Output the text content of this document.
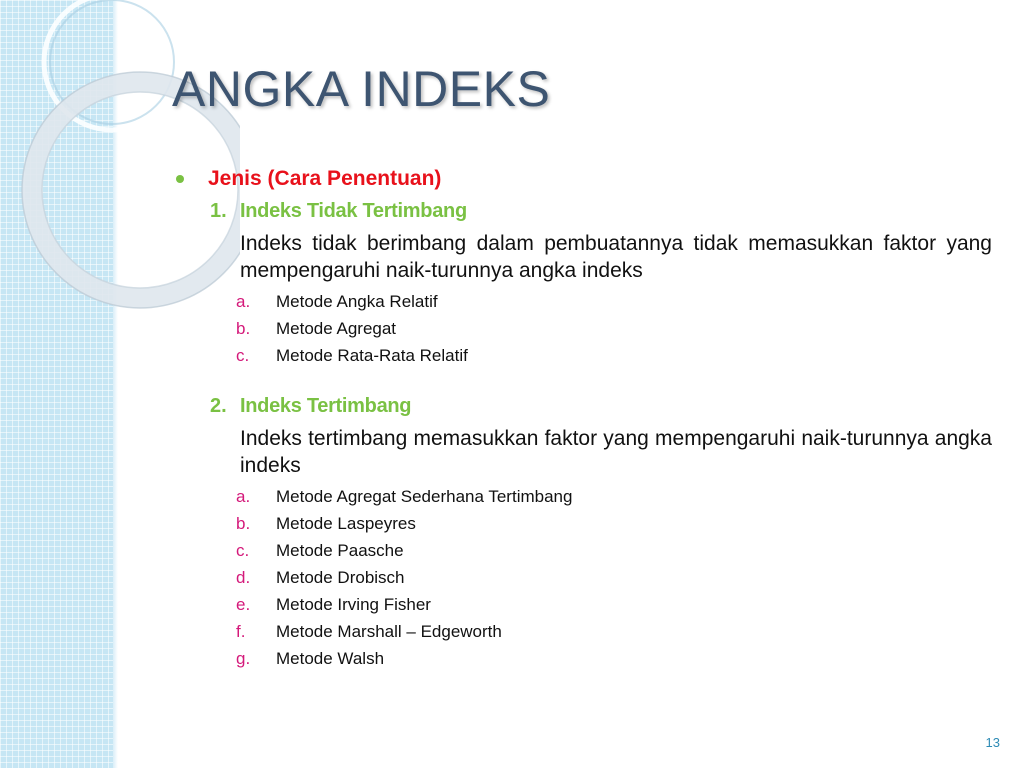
ANGKA INDEKS
Jenis (Cara Penentuan)
1. Indeks Tidak Tertimbang
Indeks tidak berimbang dalam pembuatannya tidak memasukkan faktor yang mempengaruhi naik-turunnya angka indeks
a.	Metode Angka Relatif
b.	Metode Agregat
c.	Metode Rata-Rata Relatif
2. Indeks Tertimbang
Indeks tertimbang memasukkan faktor yang mempengaruhi naik-turunnya angka indeks
a.	Metode Agregat Sederhana Tertimbang
b.	Metode Laspeyres
c.	Metode Paasche
d.	Metode Drobisch
e.	Metode Irving Fisher
f.	Metode Marshall – Edgeworth
g.	Metode Walsh
13
